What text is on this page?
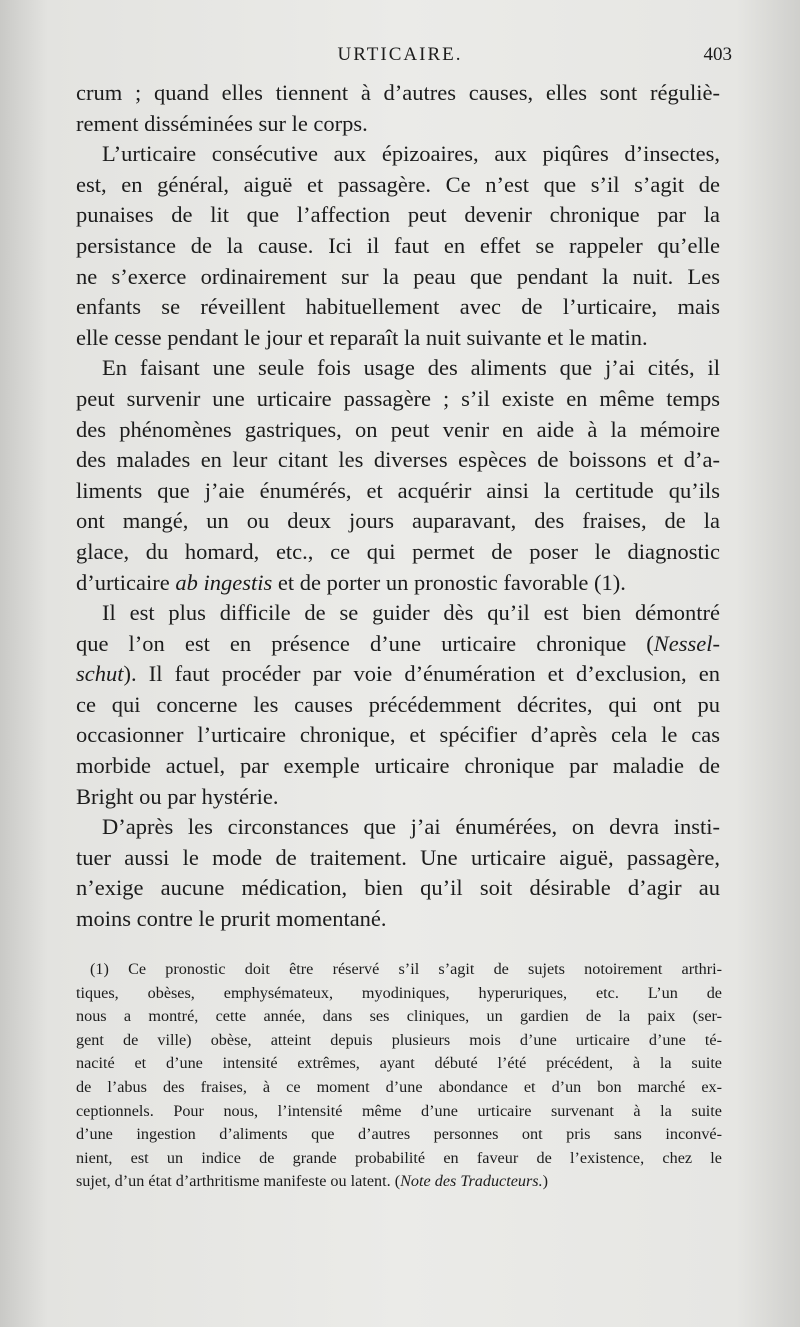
URTICAIRE.	403
crum ; quand elles tiennent à d’autres causes, elles sont réguliè-
rement disséminées sur le corps.
L’urticaire consécutive aux épizoaires, aux piqûres d’insectes,
est, en général, aiguë et passagère. Ce n’est que s’il s’agit de
punaises de lit que l’affection peut devenir chronique par la
persistance de la cause. Ici il faut en effet se rappeler qu’elle
ne s’exerce ordinairement sur la peau que pendant la nuit. Les
enfants se réveillent habituellement avec de l’urticaire, mais
elle cesse pendant le jour et reparaît la nuit suivante et le matin.
En faisant une seule fois usage des aliments que j’ai cités, il
peut survenir une urticaire passagère ; s’il existe en même temps
des phénomènes gastriques, on peut venir en aide à la mémoire
des malades en leur citant les diverses espèces de boissons et d’a-
liments que j’aie énumérés, et acquérir ainsi la certitude qu’ils
ont mangé, un ou deux jours auparavant, des fraises, de la
glace, du homard, etc., ce qui permet de poser le diagnostic
d’urticaire ab ingestis et de porter un pronostic favorable (1).
Il est plus difficile de se guider dès qu’il est bien démontré
que l’on est en présence d’une urticaire chronique (Nessel-
schut). Il faut procéder par voie d’énumération et d’exclusion, en
ce qui concerne les causes précédemment décrites, qui ont pu
occasionner l’urticaire chronique, et spécifier d’après cela le cas
morbide actuel, par exemple urticaire chronique par maladie de
Bright ou par hystérie.
D’après les circonstances que j’ai énumérées, on devra insti-
tuer aussi le mode de traitement. Une urticaire aiguë, passagère,
n’exige aucune médication, bien qu’il soit désirable d’agir au
moins contre le prurit momentané.
(1) Ce pronostic doit être réservé s’il s’agit de sujets notoirement arthri-
tiques, obèses, emphysémateux, myodiniques, hyperuriques, etc. L’un de
nous a montré, cette année, dans ses cliniques, un gardien de la paix (ser-
gent de ville) obèse, atteint depuis plusieurs mois d’une urticaire d’une té-
nacité et d’une intensité extrêmes, ayant débuté l’été précédent, à la suite
de l’abus des fraises, à ce moment d’une abondance et d’un bon marché ex-
ceptionnels. Pour nous, l’intensité même d’une urticaire survenant à la suite
d’une ingestion d’aliments que d’autres personnes ont pris sans inconvé-
nient, est un indice de grande probabilité en faveur de l’existence, chez le
sujet, d’un état d’arthritisme manifeste ou latent. (Note des Traducteurs.)
